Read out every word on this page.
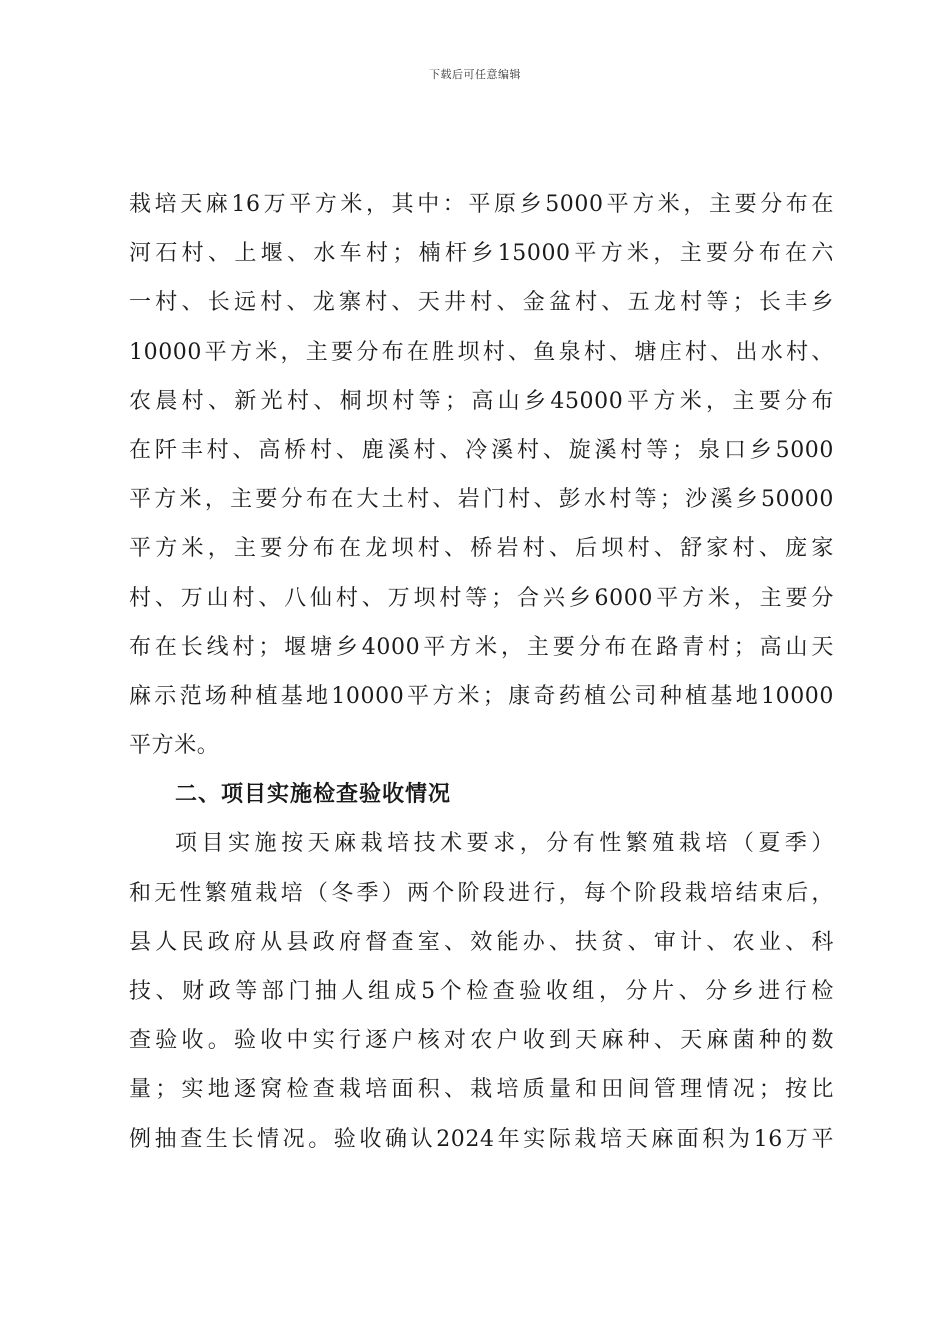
下载后可任意编辑
栽培天麻16万平方米，其中：平原乡5000平方米，主要分布在
河石村、上堰、水车村；楠杆乡15000平方米，主要分布在六
一村、长远村、龙寨村、天井村、金盆村、五龙村等；长丰乡
10000平方米，主要分布在胜坝村、鱼泉村、塘庄村、出水村、
农晨村、新光村、桐坝村等；高山乡45000平方米，主要分布
在阡丰村、高桥村、鹿溪村、冷溪村、旋溪村等；泉口乡5000
平方米，主要分布在大土村、岩门村、彭水村等；沙溪乡50000
平方米，主要分布在龙坝村、桥岩村、后坝村、舒家村、庞家
村、万山村、八仙村、万坝村等；合兴乡6000平方米，主要分
布在长线村；堰塘乡4000平方米，主要分布在路青村；高山天
麻示范场种植基地10000平方米；康奇药植公司种植基地10000
平方米。
二、项目实施检查验收情况
项目实施按天麻栽培技术要求，分有性繁殖栽培（夏季）
和无性繁殖栽培（冬季）两个阶段进行，每个阶段栽培结束后，
县人民政府从县政府督查室、效能办、扶贫、审计、农业、科
技、财政等部门抽人组成5个检查验收组，分片、分乡进行检
查验收。验收中实行逐户核对农户收到天麻种、天麻菌种的数
量；实地逐窝检查栽培面积、栽培质量和田间管理情况；按比
例抽查生长情况。验收确认2024年实际栽培天麻面积为16万平
